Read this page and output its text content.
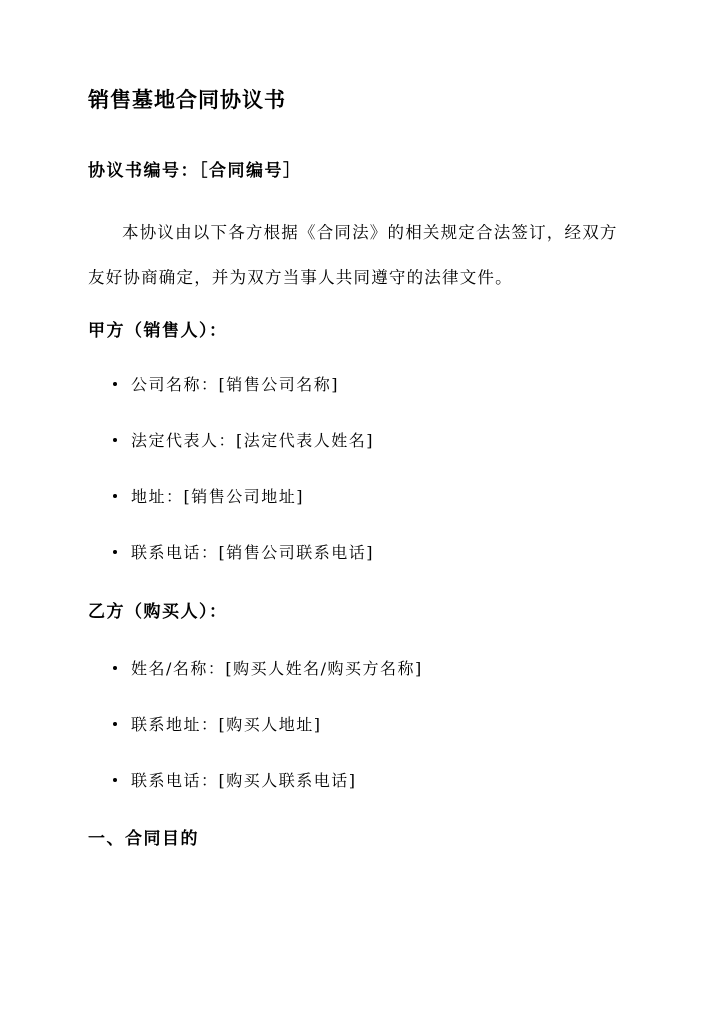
销售墓地合同协议书
协议书编号：［合同编号］
本协议由以下各方根据《合同法》的相关规定合法签订，经双方友好协商确定，并为双方当事人共同遵守的法律文件。
甲方（销售人）：
公司名称：[销售公司名称]
法定代表人：[法定代表人姓名]
地址：[销售公司地址]
联系电话：[销售公司联系电话]
乙方（购买人）：
姓名/名称：[购买人姓名/购买方名称]
联系地址：[购买人地址]
联系电话：[购买人联系电话]
一、合同目的
